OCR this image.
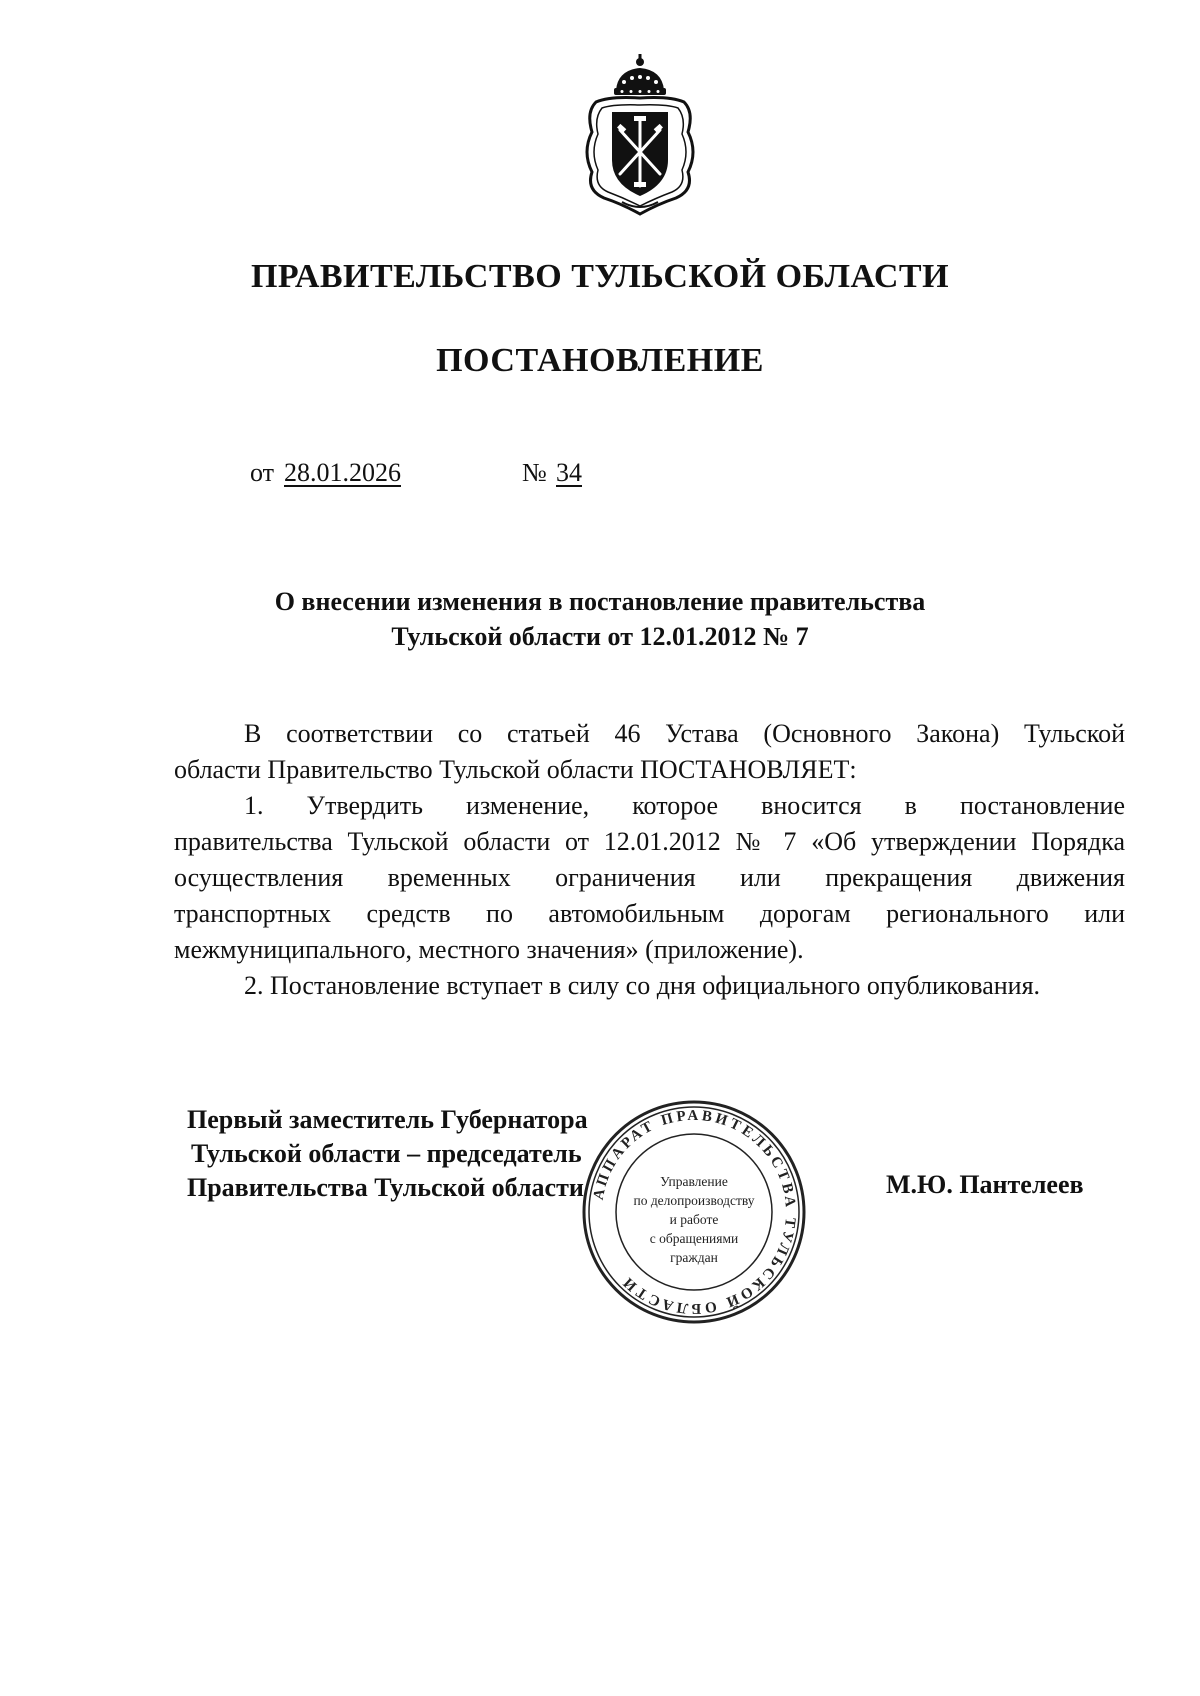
ПРАВИТЕЛЬСТВО ТУЛЬСКОЙ ОБЛАСТИ
ПОСТАНОВЛЕНИЕ
от 28.01.2026	№ 34
О внесении изменения в постановление правительства
Тульской области от 12.01.2012 № 7
В соответствии со статьей 46 Устава (Основного Закона) Тульской
области Правительство Тульской области ПОСТАНОВЛЯЕТ:
1. Утвердить изменение, которое вносится в постановление
правительства Тульской области от 12.01.2012 № 7 «Об утверждении Порядка
осуществления временных ограничения или прекращения движения
транспортных средств по автомобильным дорогам регионального или
межмуниципального, местного значения» (приложение).
2. Постановление вступает в силу со дня официального опубликования.
Первый заместитель Губернатора
Тульской области – председатель
Правительства Тульской области	М.Ю. Пантелеев
АППАРАТ ПРАВИТЕЛЬСТВА ТУЛЬСКОЙ ОБЛАСТИ
Управление
по делопроизводству
и работе
с обращениями
граждан
